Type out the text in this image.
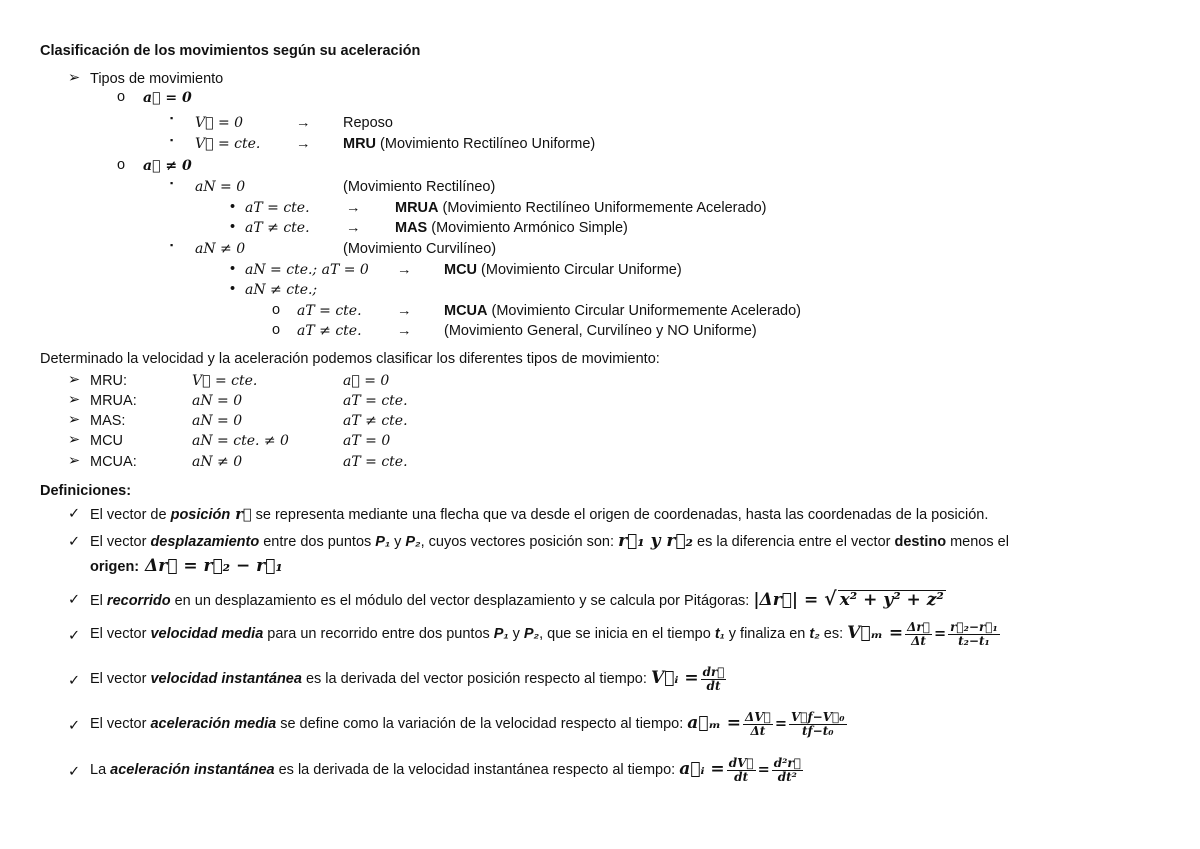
Clasificación de los movimientos según su aceleración
➢ Tipos de movimiento
o a⃗ = 0
▪ V⃗ = 0	→ Reposo
▪ V⃗ = cte. → MRU (Movimiento Rectilíneo Uniforme)
o a⃗ ≠ 0
▪ aN = 0	(Movimiento Rectilíneo)
• aT = cte.	→ MRUA (Movimiento Rectilíneo Uniformemente Acelerado)
• aT ≠ cte.	→ MAS (Movimiento Armónico Simple)
▪ aN ≠ 0	(Movimiento Curvilíneo)
• aN = cte.; aT = 0 → MCU (Movimiento Circular Uniforme)
• aN ≠ cte.;
o aT = cte. → MCUA (Movimiento Circular Uniformemente Acelerado)
o aT ≠ cte. → (Movimiento General, Curvilíneo y NO Uniforme)
Determinado la velocidad y la aceleración podemos clasificar los diferentes tipos de movimiento:
➢ MRU:	V⃗ = cte.	a⃗ = 0
➢ MRUA:	aN = 0	aT = cte.
➢ MAS:	aN = 0	aT ≠ cte.
➢ MCU	aN = cte. ≠ 0	aT = 0
➢ MCUA:	aN ≠ 0	aT = cte.
Definiciones:
✓ El vector de posición r⃗ se representa mediante una flecha que va desde el origen de coordenadas, hasta las coordenadas de la posición.
✓ El vector desplazamiento entre dos puntos P₁ y P₂, cuyos vectores posición son: r⃗₁ y r⃗₂ es la diferencia entre el vector destino menos el
origen: Δr⃗ = r⃗₂ − r⃗₁
✓ El recorrido en un desplazamiento es el módulo del vector desplazamiento y se calcula por Pitágoras: |Δr⃗| = √ x² + y² + z²
✓ El vector velocidad media para un recorrido entre dos puntos P₁ y P₂, que se inicia en el tiempo t₁ y finaliza en t₂ es: V⃗ₘ = $\frac{\Delta r⃗}{\Delta t} = \frac{\text{r⃗₂−r⃗₁}}{\text{t₂−t₁}}$
✓ El vector velocidad instantánea es la derivada del vector posición respecto al tiempo: V⃗ᵢ = $\frac{dr⃗}{dt}$
✓ El vector aceleración media se define como la variación de la velocidad respecto al tiempo: a⃗ₘ = $\frac{\Delta V⃗}{\Delta t} = \frac{\text{V⃗f−V⃗₀}}{\text{tf−t₀}}$
✓ La aceleración instantánea es la derivada de la velocidad instantánea respecto al tiempo: a⃗ᵢ = $\frac{dV⃗}{dt} = \frac{\text{d²r⃗}}{\text{dt²}}$
